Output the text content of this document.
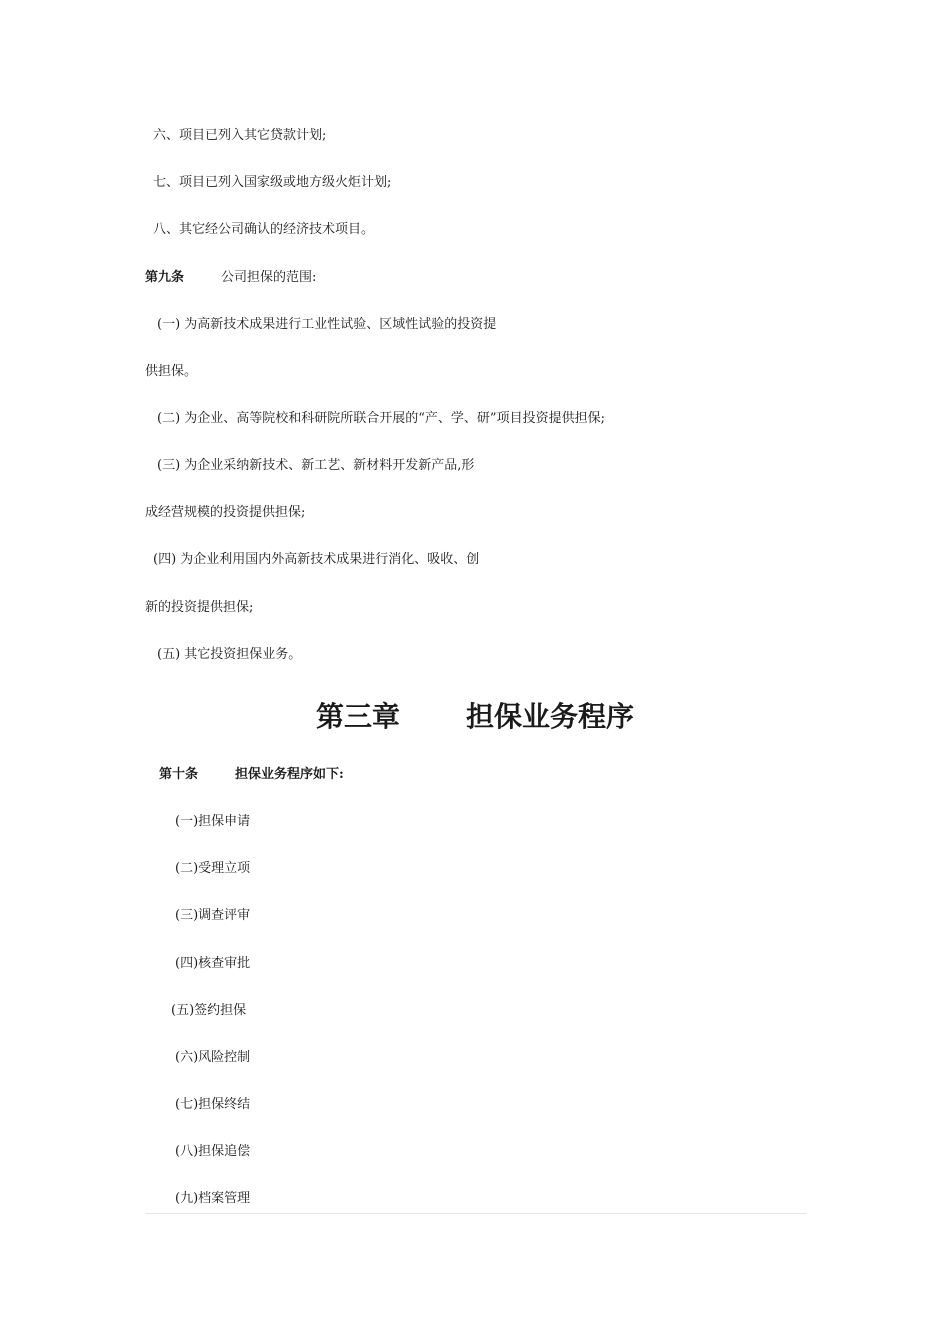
六、项目已列入其它贷款计划;
七、项目已列入国家级或地方级火炬计划;
八、其它经公司确认的经济技术项目。
第九条	公司担保的范围:
(一) 为高新技术成果进行工业性试验、区域性试验的投资提
供担保。
(二) 为企业、高等院校和科研院所联合开展的“产、学、研”项目投资提供担保;
(三) 为企业采纳新技术、新工艺、新材料开发新产品,形
成经营规模的投资提供担保;
(四) 为企业利用国内外高新技术成果进行消化、吸收、创
新的投资提供担保;
(五) 其它投资担保业务。
第三章 担保业务程序
第十条	担保业务程序如下:
(一)担保申请
(二)受理立项
(三)调查评审
(四)核查审批
(五)签约担保
(六)风险控制
(七)担保终结
(八)担保追偿
(九)档案管理
